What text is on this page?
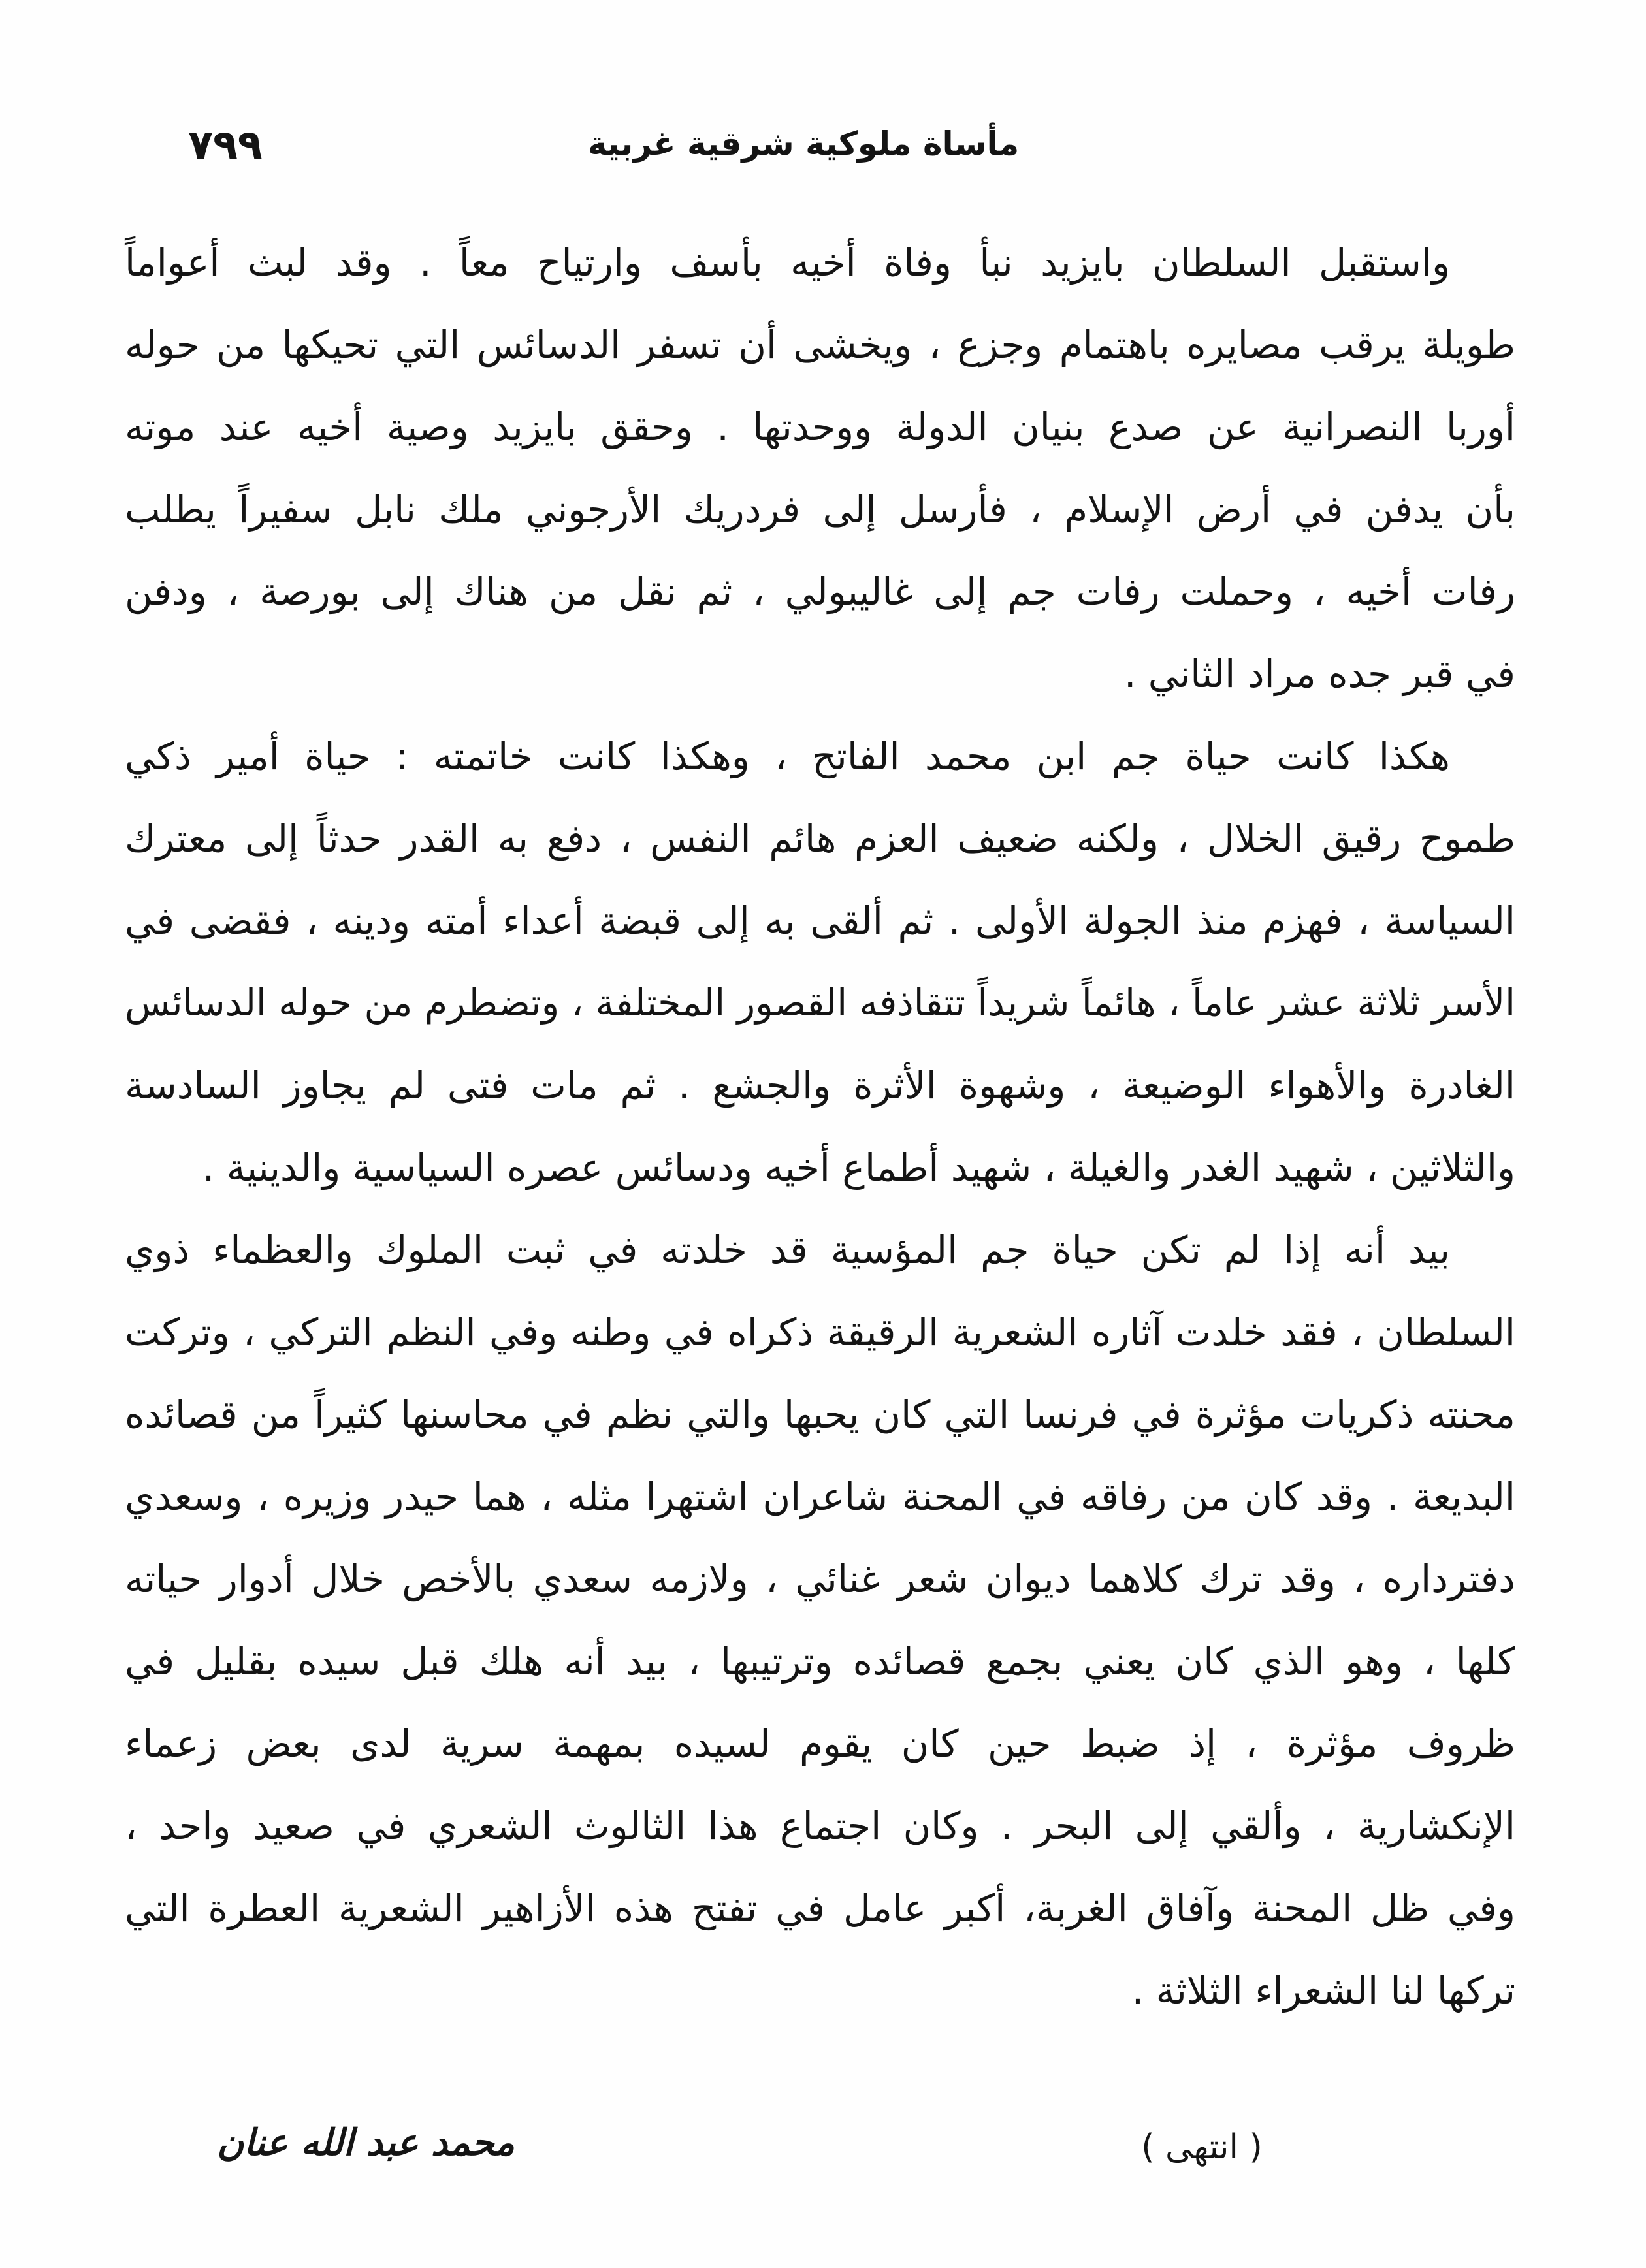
٧٩٩	مأساة ملوكية شرقية غربية
واستقبل السلطان بايزيد نبأ وفاة أخيه بأسف وارتياح معاً . وقد لبث أعواماً
طويلة يرقب مصايره باهتمام وجزع ، ويخشى أن تسفر الدسائس التي تحيكها من حوله
أوربا النصرانية عن صدع بنيان الدولة ووحدتها . وحقق بايزيد وصية أخيه عند موته
بأن يدفن في أرض الإسلام ، فأرسل إلى فردريك الأرجوني ملك نابل سفيراً يطلب
رفات أخيه ، وحملت رفات جم إلى غاليبولي ، ثم نقل من هناك إلى بورصة ، ودفن
في قبر جده مراد الثاني .
هكذا كانت حياة جم ابن محمد الفاتح ، وهكذا كانت خاتمته : حياة أمير ذكي
طموح رقيق الخلال ، ولكنه ضعيف العزم هائم النفس ، دفع به القدر حدثاً إلى معترك
السياسة ، فهزم منذ الجولة الأولى . ثم ألقى به إلى قبضة أعداء أمته ودينه ، فقضى في
الأسر ثلاثة عشر عاماً ، هائماً شريداً تتقاذفه القصور المختلفة ، وتضطرم من حوله الدسائس
الغادرة والأهواء الوضيعة ، وشهوة الأثرة والجشع . ثم مات فتى لم يجاوز السادسة
والثلاثين ، شهيد الغدر والغيلة ، شهيد أطماع أخيه ودسائس عصره السياسية والدينية .
بيد أنه إذا لم تكن حياة جم المؤسية قد خلدته في ثبت الملوك والعظماء ذوي
السلطان ، فقد خلدت آثاره الشعرية الرقيقة ذكراه في وطنه وفي النظم التركي ، وتركت
محنته ذكريات مؤثرة في فرنسا التي كان يحبها والتي نظم في محاسنها كثيراً من قصائده
البديعة . وقد كان من رفاقه في المحنة شاعران اشتهرا مثله ، هما حيدر وزيره ، وسعدي
دفترداره ، وقد ترك كلاهما ديوان شعر غنائي ، ولازمه سعدي بالأخص خلال أدوار حياته
كلها ، وهو الذي كان يعني بجمع قصائده وترتيبها ، بيد أنه هلك قبل سيده بقليل في
ظروف مؤثرة ، إذ ضبط حين كان يقوم لسيده بمهمة سرية لدى بعض زعماء
الإنكشارية ، وألقي إلى البحر . وكان اجتماع هذا الثالوث الشعري في صعيد واحد ،
وفي ظل المحنة وآفاق الغربة، أكبر عامل في تفتح هذه الأزاهير الشعرية العطرة التي
تركها لنا الشعراء الثلاثة .
( انتهى )
محمد عبد الله عنان
